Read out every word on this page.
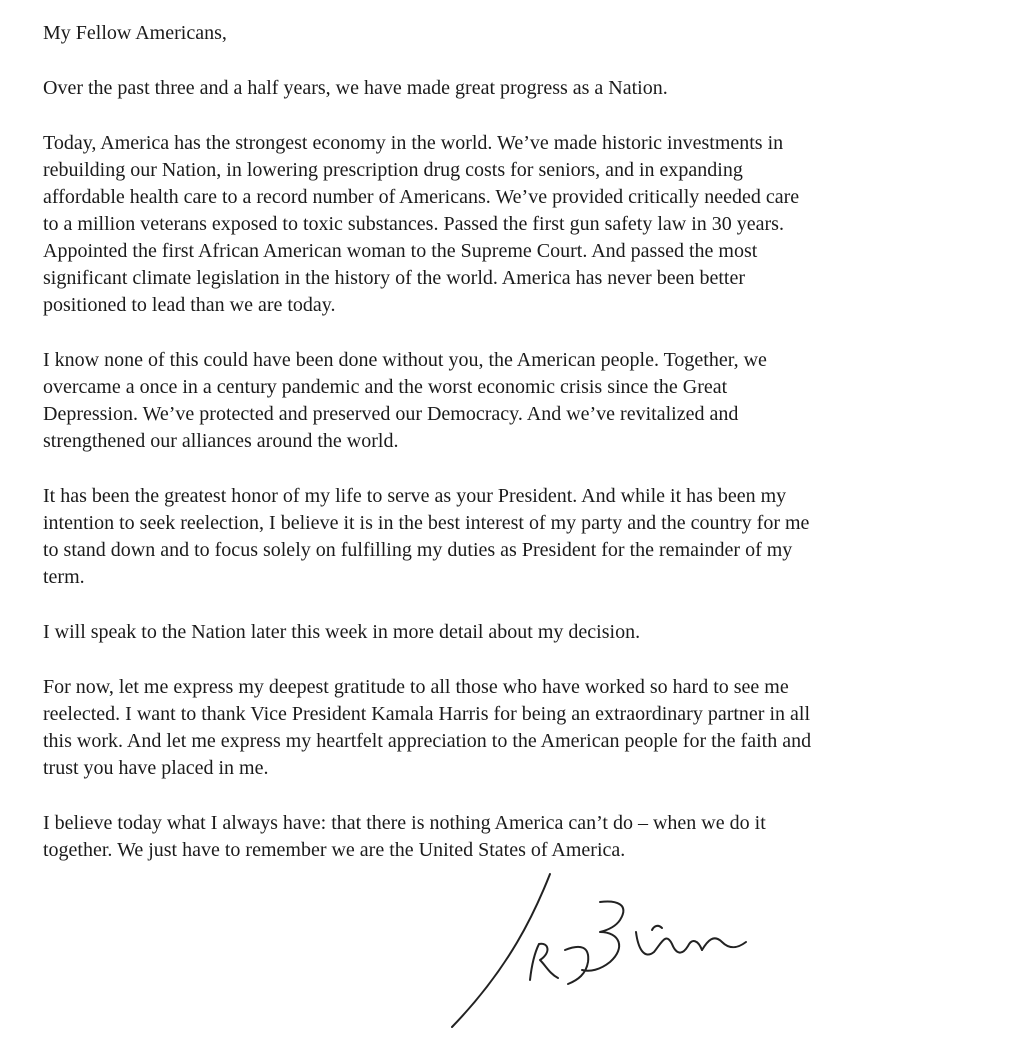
My Fellow Americans,

Over the past three and a half years, we have made great progress as a Nation.

Today, America has the strongest economy in the world. We’ve made historic investments in
rebuilding our Nation, in lowering prescription drug costs for seniors, and in expanding
affordable health care to a record number of Americans. We’ve provided critically needed care
to a million veterans exposed to toxic substances. Passed the first gun safety law in 30 years.
Appointed the first African American woman to the Supreme Court. And passed the most
significant climate legislation in the history of the world. America has never been better
positioned to lead than we are today.

I know none of this could have been done without you, the American people. Together, we
overcame a once in a century pandemic and the worst economic crisis since the Great
Depression. We’ve protected and preserved our Democracy. And we’ve revitalized and
strengthened our alliances around the world.

It has been the greatest honor of my life to serve as your President. And while it has been my
intention to seek reelection, I believe it is in the best interest of my party and the country for me
to stand down and to focus solely on fulfilling my duties as President for the remainder of my
term.

I will speak to the Nation later this week in more detail about my decision.

For now, let me express my deepest gratitude to all those who have worked so hard to see me
reelected. I want to thank Vice President Kamala Harris for being an extraordinary partner in all
this work. And let me express my heartfelt appreciation to the American people for the faith and
trust you have placed in me.

I believe today what I always have: that there is nothing America can’t do – when we do it
together. We just have to remember we are the United States of America.
